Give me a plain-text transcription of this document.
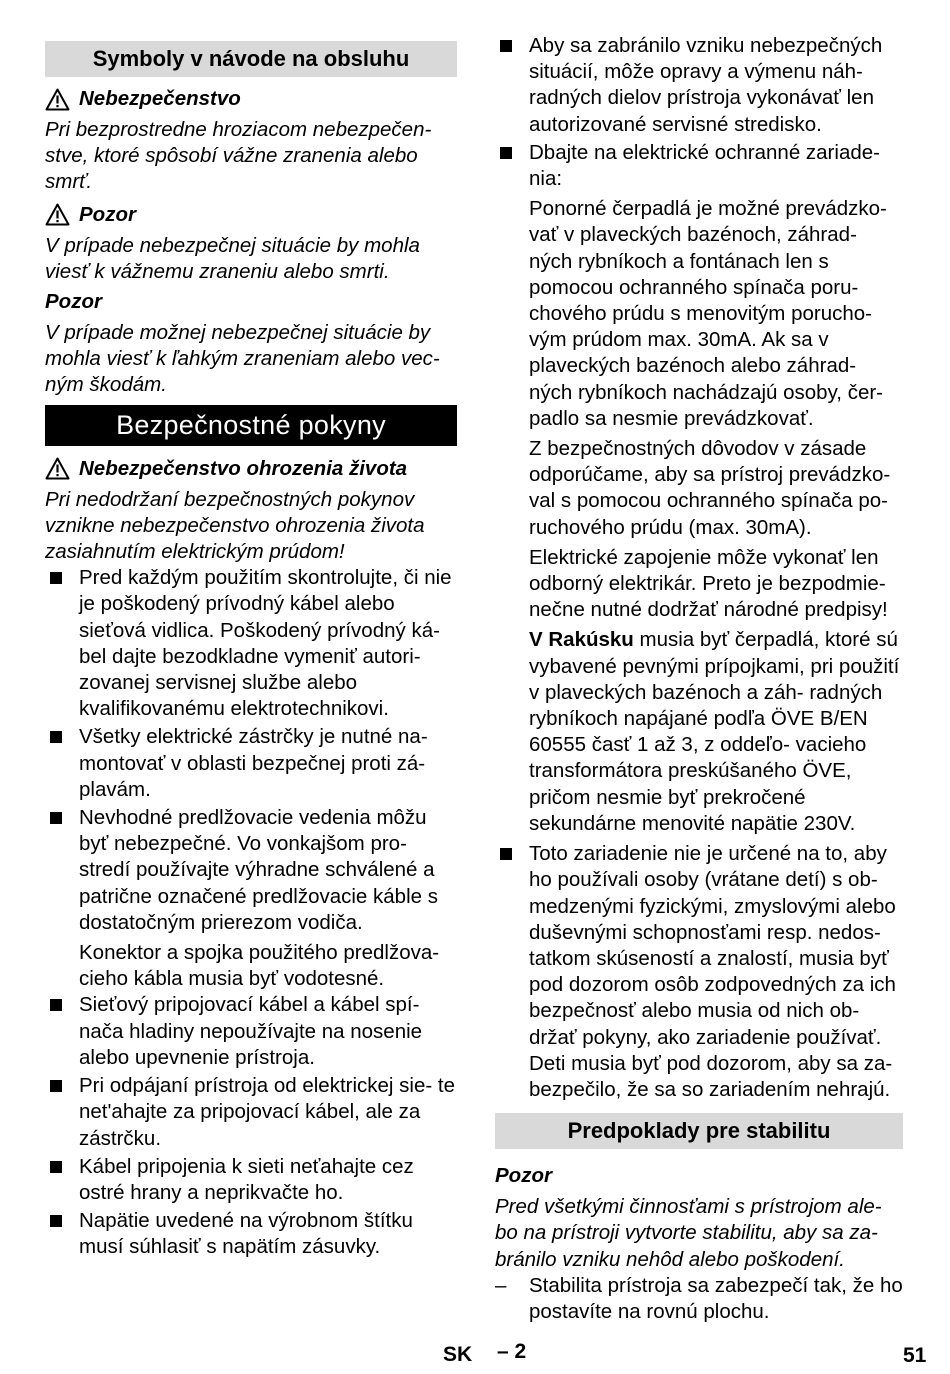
Symboly v návode na obsluhu
Nebezpečenstvo

Pri bezprostredne hroziacom nebezpečen- stve, ktoré spôsobí vážne zranenia alebo smrť.

Pozor

V prípade nebezpečnej situácie by mohla viesť k vážnemu zraneniu alebo smrti.

Pozor

V prípade možnej nebezpečnej situácie by mohla viesť k ľahkým zraneniam alebo vec- ným škodám.

Bezpečnostné pokyny
Nebezpečenstvo ohrozenia života

Pri nedodržaní bezpečnostných pokynov vznikne nebezpečenstvo ohrozenia života zasiahnutím elektrickým prúdom!

Pred každým použitím skontrolujte, či nie je poškodený prívodný kábel alebo sieťová vidlica. Poškodený prívodný ká- bel dajte bezodkladne vymeniť autori- zovanej servisnej službe alebo kvalifikovanému elektrotechnikovi.

Všetky elektrické zástrčky je nutné na- montovať v oblasti bezpečnej proti zá- plavám.

Nevhodné predlžovacie vedenia môžu byť nebezpečné. Vo vonkajšom pro- stredí používajte výhradne schválené a patrične označené predlžovacie káble s dostatočným prierezom vodiča.

Konektor a spojka použitého predlžova- cieho kábla musia byť vodotesné.

Sieťový pripojovací kábel a kábel spí- nača hladiny nepoužívajte na nosenie alebo upevnenie prístroja.

Pri odpájaní prístroja od elektrickej sie- te net'ahajte za pripojovací kábel, ale za zástrčku.

Kábel pripojenia k sieti neťahajte cez ostré hrany a neprikvačte ho.

Napätie uvedené na výrobnom štítku musí súhlasiť s napätím zásuvky.

Aby sa zabránilo vzniku nebezpečných situácií, môže opravy a výmenu náh- radných dielov prístroja vykonávať len autorizované servisné stredisko.

Dbajte na elektrické ochranné zariade- nia:

Ponorné čerpadlá je možné prevádzko- vať v plaveckých bazénoch, záhrad- ných rybníkoch a fontánach len s pomocou ochranného spínača poru- chového prúdu s menovitým porucho- vým prúdom max. 30mA. Ak sa v plaveckých bazénoch alebo záhrad- ných rybníkoch nachádzajú osoby, čer- padlo sa nesmie prevádzkovať.

Z bezpečnostných dôvodov v zásade odporúčame, aby sa prístroj prevádzko- val s pomocou ochranného spínača po- ruchového prúdu (max. 30mA).

Elektrické zapojenie môže vykonať len odborný elektrikár. Preto je bezpodmie- nečne nutné dodržať národné predpisy!

V Rakúsku musia byť čerpadlá, ktoré sú vybavené pevnými prípojkami, pri použití v plaveckých bazénoch a záh- radných rybníkoch napájané podľa ÖVE B/EN 60555 časť 1 až 3, z oddeľo- vacieho transformátora preskúšaného ÖVE, pričom nesmie byť prekročené sekundárne menovité napätie 230V.

Toto zariadenie nie je určené na to, aby ho používali osoby (vrátane detí) s ob- medzenými fyzickými, zmyslovými alebo duševnými schopnosťami resp. nedos- tatkom skúseností a znalostí, musia byť pod dozorom osôb zodpovedných za ich bezpečnosť alebo musia od nich ob- držať pokyny, ako zariadenie používať. Deti musia byť pod dozorom, aby sa za- bezpečilo, že sa so zariadením nehrajú.

Predpoklady pre stabilitu
Pozor

Pred všetkými činnosťami s prístrojom ale- bo na prístroji vytvorte stabilitu, aby sa za- bránilo vzniku nehôd alebo poškodení.

– Stabilita prístroja sa zabezpečí tak, že ho postavíte na rovnú plochu.

SK – 2	51
